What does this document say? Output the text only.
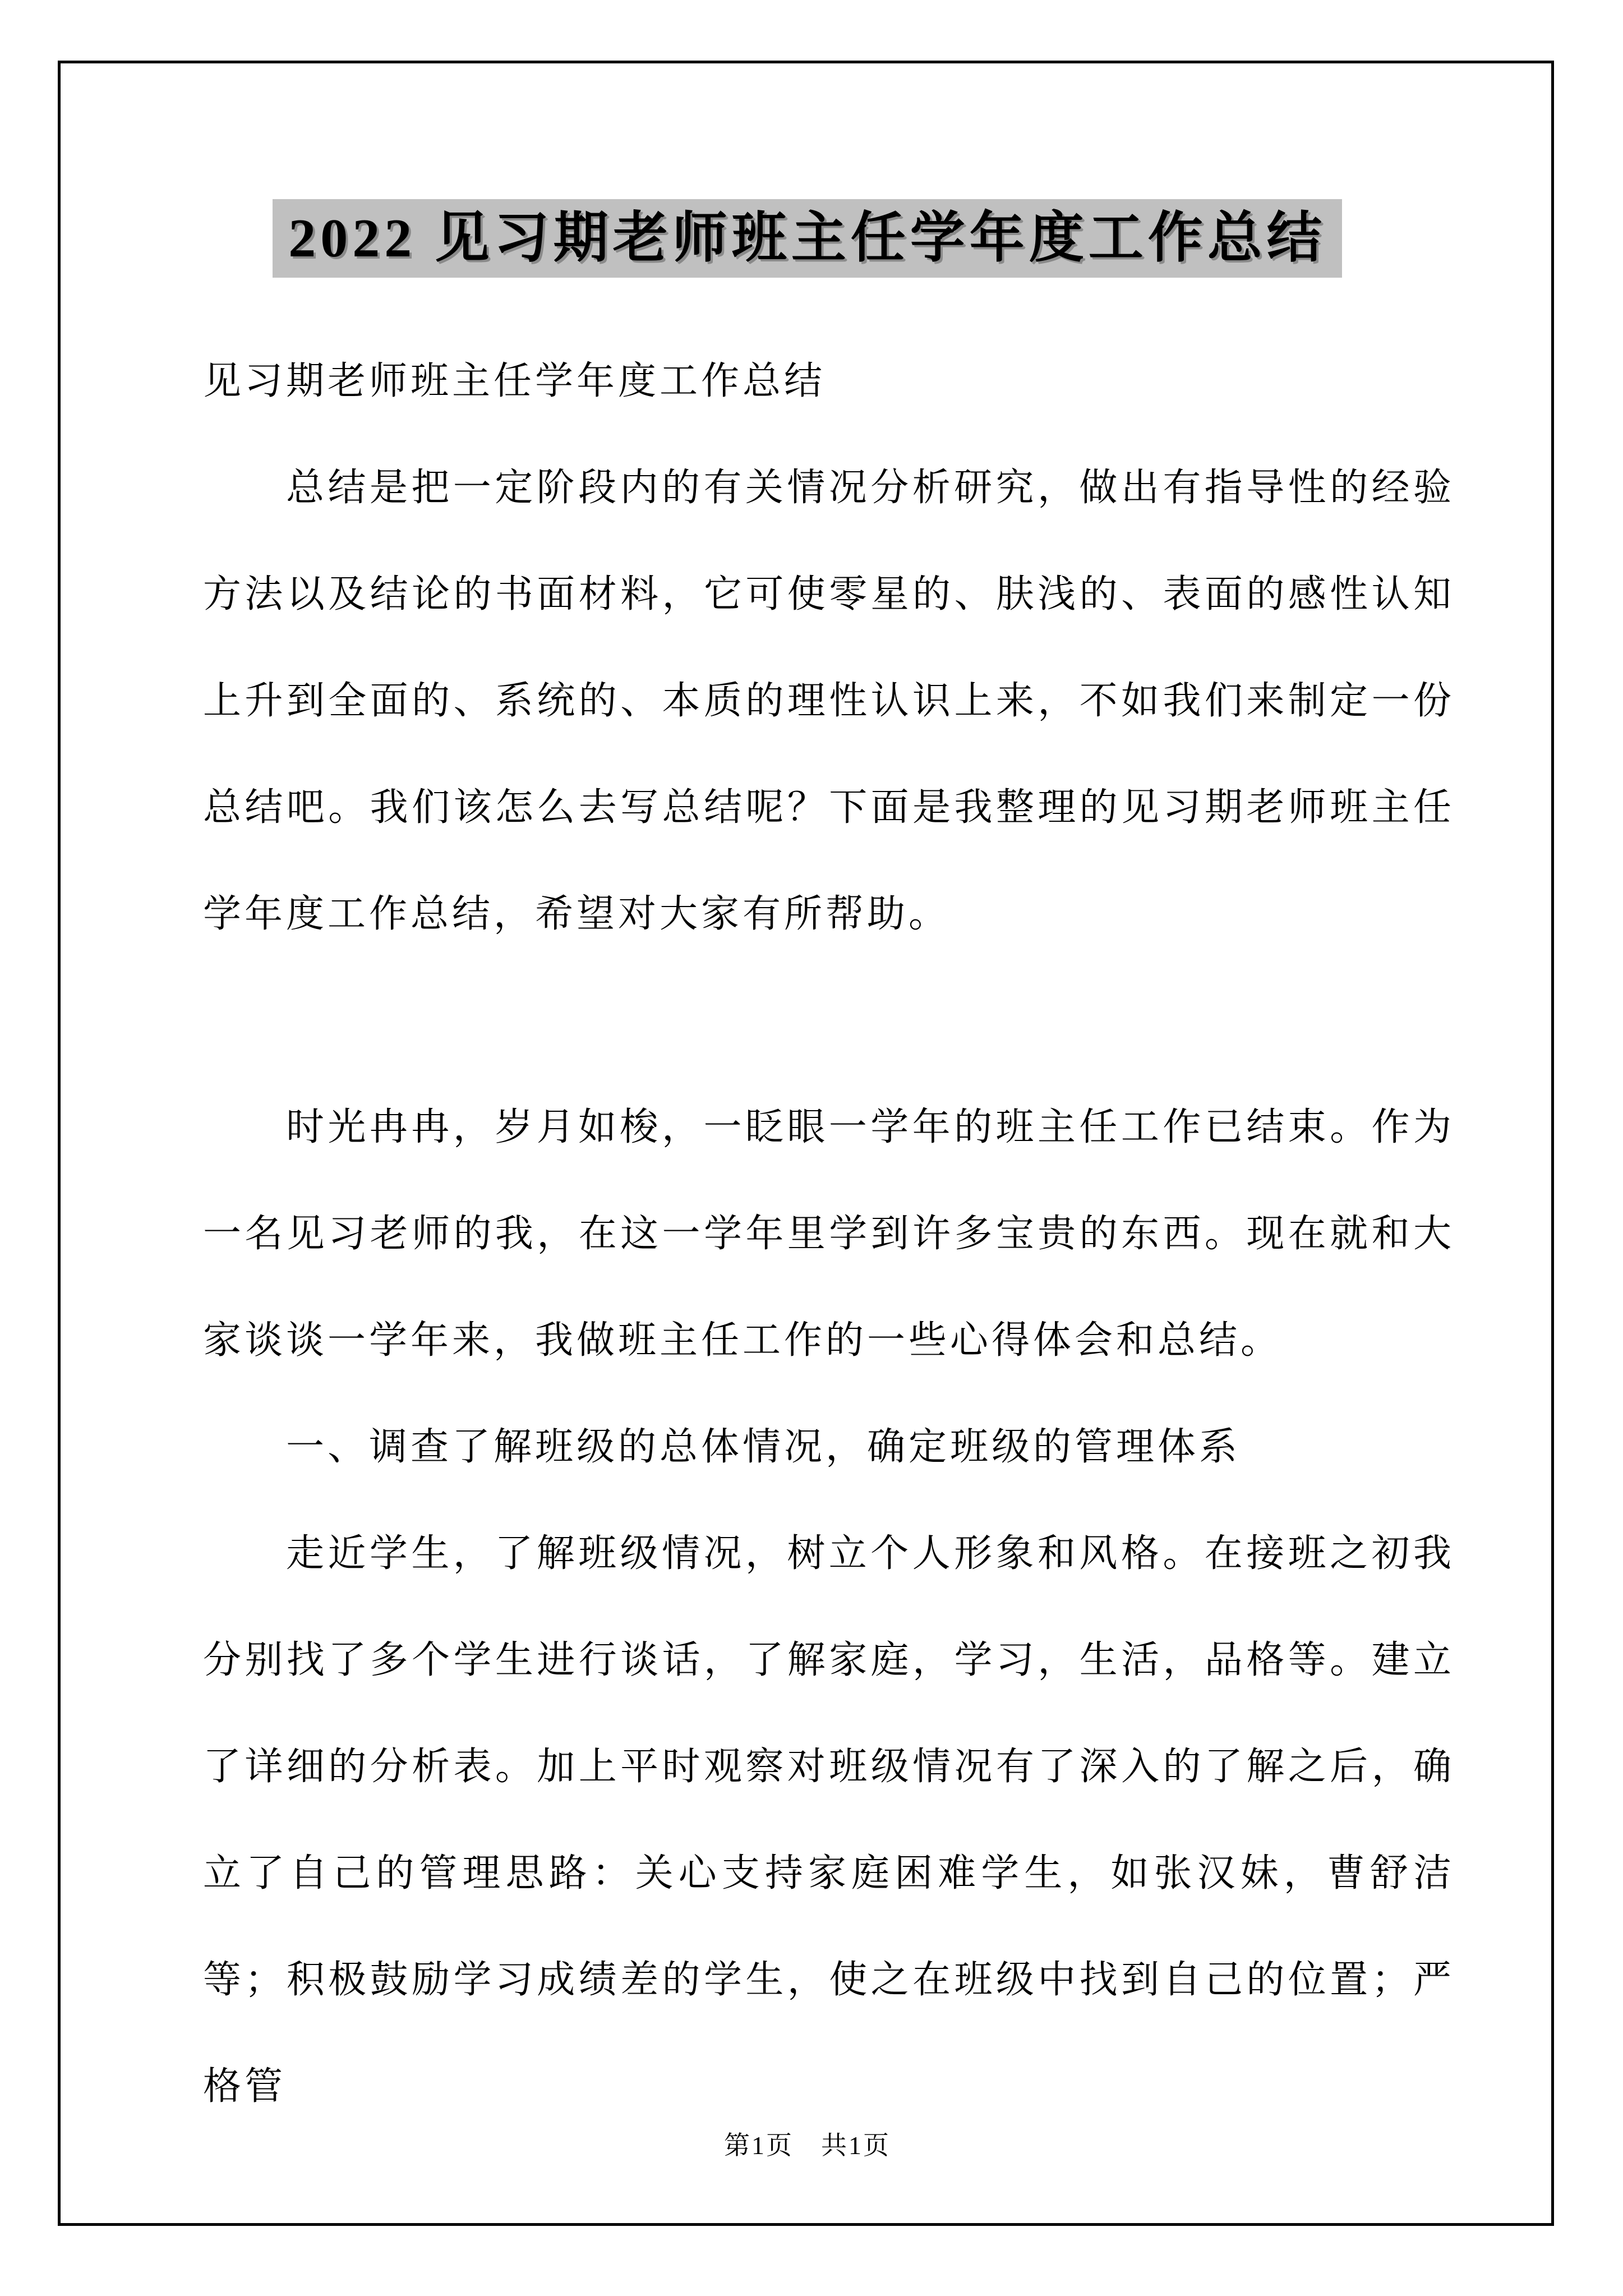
2022 见习期老师班主任学年度工作总结

见习期老师班主任学年度工作总结

总结是把一定阶段内的有关情况分析研究，做出有指导性的经验方法以及结论的书面材料，它可使零星的、肤浅的、表面的感性认知上升到全面的、系统的、本质的理性认识上来，不如我们来制定一份总结吧。我们该怎么去写总结呢？下面是我整理的见习期老师班主任学年度工作总结，希望对大家有所帮助。

时光冉冉，岁月如梭，一眨眼一学年的班主任工作已结束。作为一名见习老师的我，在这一学年里学到许多宝贵的东西。现在就和大家谈谈一学年来，我做班主任工作的一些心得体会和总结。

一、调查了解班级的总体情况，确定班级的管理体系

走近学生，了解班级情况，树立个人形象和风格。在接班之初我分别找了多个学生进行谈话，了解家庭，学习，生活，品格等。建立了详细的分析表。加上平时观察对班级情况有了深入的了解之后，确立了自己的管理思路：关心支持家庭困难学生，如张汉妹，曹舒洁等；积极鼓励学习成绩差的学生，使之在班级中找到自己的位置；严格管

第1页　共1页
